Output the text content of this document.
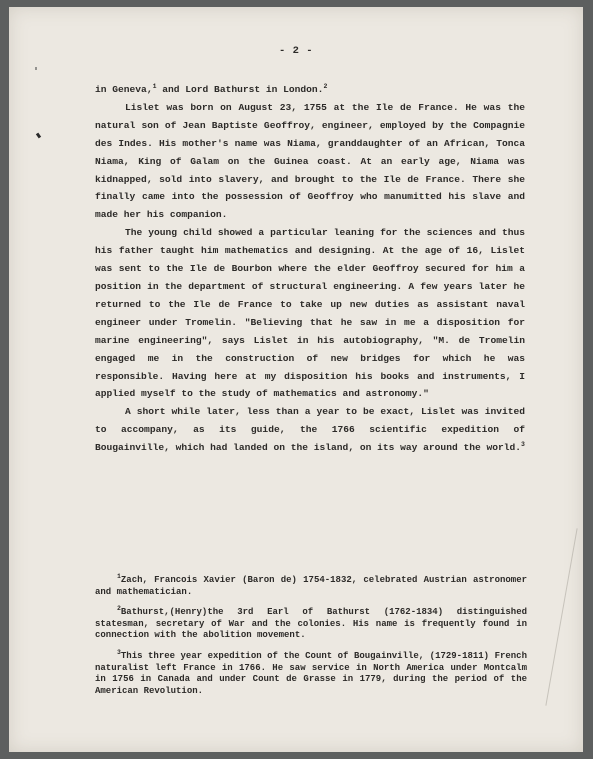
- 2 -

in Geneva,$^1$ and Lord Bathurst in London.$^2$

Lislet was born on August 23, 1755 at the Ile de France. He was the natural son of Jean Baptiste Geoffroy, engineer, employed by the Compagnie des Indes. His mother's name was Niama, granddaughter of an African, Tonca Niama, King of Galam on the Guinea coast. At an early age, Niama was kidnapped, sold into slavery, and brought to the Ile de France. There she finally came into the possession of Geoffroy who manumitted his slave and made her his companion.

The young child showed a particular leaning for the sciences and thus his father taught him mathematics and designing. At the age of 16, Lislet was sent to the Ile de Bourbon where the elder Geoffroy secured for him a position in the department of structural engineering. A few years later he returned to the Ile de France to take up new duties as assistant naval engineer under Tromelin. "Believing that he saw in me a disposition for marine engineering", says Lislet in his autobiography, "M. de Tromelin engaged me in the construction of new bridges for which he was responsible. Having here at my disposition his books and instruments, I applied myself to the study of mathematics and astronomy."

A short while later, less than a year to be exact, Lislet was invited to accompany, as its guide, the 1766 scientific expedition of Bougainville, which had landed on the island, on its way around the world.$^3$

$^1$Zach, Francois Xavier (Baron de) 1754-1832, celebrated Austrian astronomer and mathematician.

$^2$Bathurst,(Henry)the 3rd Earl of Bathurst (1762-1834) distinguished statesman, secretary of War and the colonies. His name is frequently found in connection with the abolition movement.

$^3$This three year expedition of the Count of Bougainville, (1729-1811) French naturalist left France in 1766. He saw service in North America under Montcalm in 1756 in Canada and under Count de Grasse in 1779, during the period of the American Revolution.
